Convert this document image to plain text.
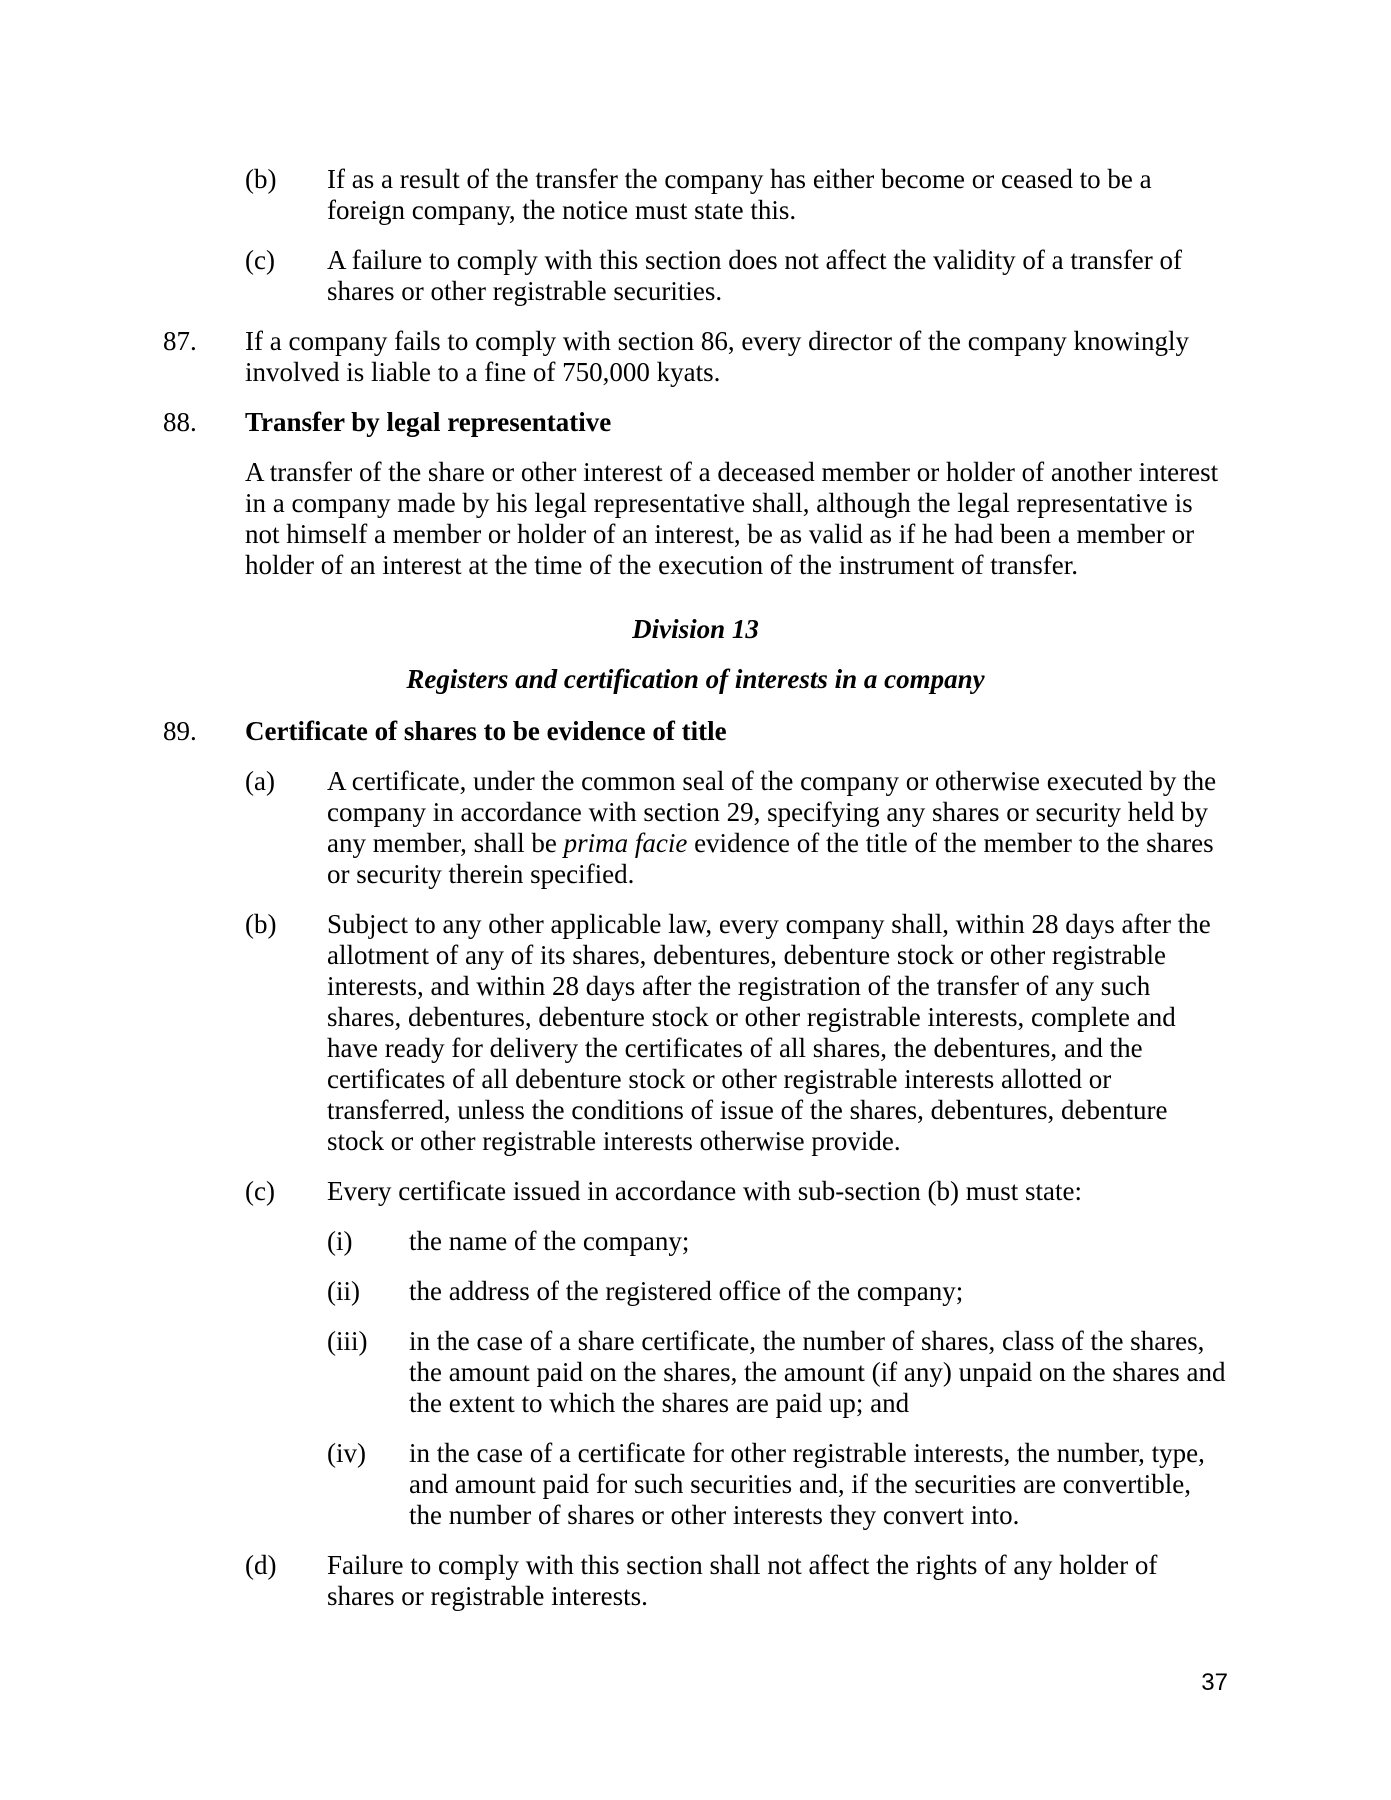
(b)	If as a result of the transfer the company has either become or ceased to be a foreign company, the notice must state this.
(c)	A failure to comply with this section does not affect the validity of a transfer of shares or other registrable securities.
87.	If a company fails to comply with section 86, every director of the company knowingly involved is liable to a fine of 750,000 kyats.
88.	Transfer by legal representative
A transfer of the share or other interest of a deceased member or holder of another interest in a company made by his legal representative shall, although the legal representative is not himself a member or holder of an interest, be as valid as if he had been a member or holder of an interest at the time of the execution of the instrument of transfer.
Division 13
Registers and certification of interests in a company
89.	Certificate of shares to be evidence of title
(a)	A certificate, under the common seal of the company or otherwise executed by the company in accordance with section 29, specifying any shares or security held by any member, shall be prima facie evidence of the title of the member to the shares or security therein specified.
(b)	Subject to any other applicable law, every company shall, within 28 days after the allotment of any of its shares, debentures, debenture stock or other registrable interests, and within 28 days after the registration of the transfer of any such shares, debentures, debenture stock or other registrable interests, complete and have ready for delivery the certificates of all shares, the debentures, and the certificates of all debenture stock or other registrable interests allotted or transferred, unless the conditions of issue of the shares, debentures, debenture stock or other registrable interests otherwise provide.
(c)	Every certificate issued in accordance with sub-section (b) must state:
(i)	the name of the company;
(ii)	the address of the registered office of the company;
(iii)	in the case of a share certificate, the number of shares, class of the shares, the amount paid on the shares, the amount (if any) unpaid on the shares and the extent to which the shares are paid up; and
(iv)	in the case of a certificate for other registrable interests, the number, type, and amount paid for such securities and, if the securities are convertible, the number of shares or other interests they convert into.
(d)	Failure to comply with this section shall not affect the rights of any holder of shares or registrable interests.
37
